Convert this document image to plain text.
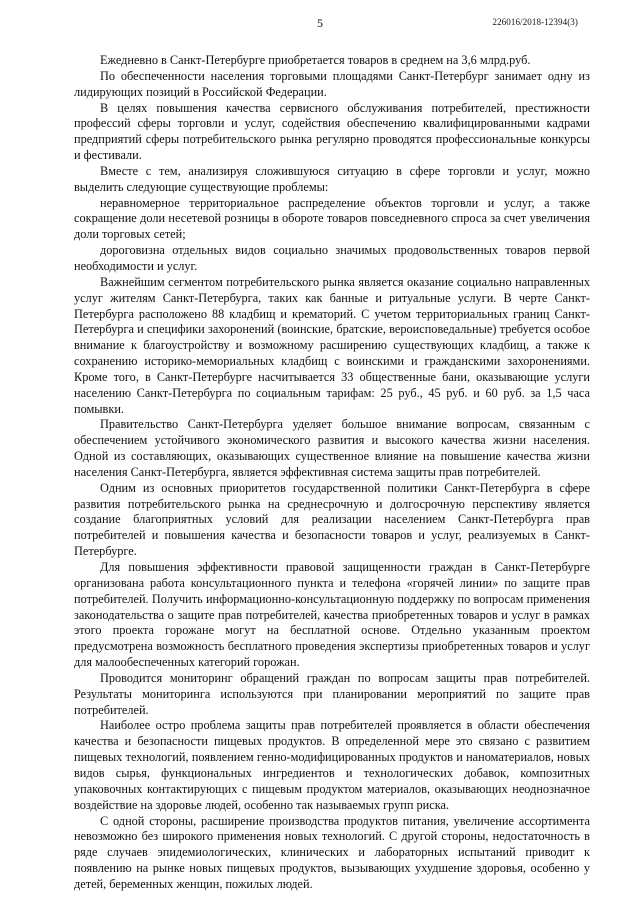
5	226016/2018-12394(3)

Ежедневно в Санкт-Петербурге приобретается товаров в среднем на 3,6 млрд.руб.

По обеспеченности населения торговыми площадями Санкт-Петербург занимает одну из лидирующих позиций в Российской Федерации.

В целях повышения качества сервисного обслуживания потребителей, престижности профессий сферы торговли и услуг, содействия обеспечению квалифицированными кадрами предприятий сферы потребительского рынка регулярно проводятся профессиональные конкурсы и фестивали.

Вместе с тем, анализируя сложившуюся ситуацию в сфере торговли и услуг, можно выделить следующие существующие проблемы:

неравномерное территориальное распределение объектов торговли и услуг, а также сокращение доли несетевой розницы в обороте товаров повседневного спроса за счет увеличения доли торговых сетей;

дороговизна отдельных видов социально значимых продовольственных товаров первой необходимости и услуг.

Важнейшим сегментом потребительского рынка является оказание социально направленных услуг жителям Санкт-Петербурга, таких как банные и ритуальные услуги. В черте Санкт-Петербурга расположено 88 кладбищ и крематорий. С учетом территориальных границ Санкт-Петербурга и специфики захоронений (воинские, братские, вероисповедальные) требуется особое внимание к благоустройству и возможному расширению существующих кладбищ, а также к сохранению историко-мемориальных кладбищ с воинскими и гражданскими захоронениями. Кроме того, в Санкт-Петербурге насчитывается 33 общественные бани, оказывающие услуги населению Санкт-Петербурга по социальным тарифам: 25 руб., 45 руб. и 60 руб. за 1,5 часа помывки.

Правительство Санкт-Петербурга уделяет большое внимание вопросам, связанным с обеспечением устойчивого экономического развития и высокого качества жизни населения. Одной из составляющих, оказывающих существенное влияние на повышение качества жизни населения Санкт-Петербурга, является эффективная система защиты прав потребителей.

Одним из основных приоритетов государственной политики Санкт-Петербурга в сфере развития потребительского рынка на среднесрочную и долгосрочную перспективу является создание благоприятных условий для реализации населением Санкт-Петербурга прав потребителей и повышения качества и безопасности товаров и услуг, реализуемых в Санкт-Петербурге.

Для повышения эффективности правовой защищенности граждан в Санкт-Петербурге организована работа консультационного пункта и телефона «горячей линии» по защите прав потребителей. Получить информационно-консультационную поддержку по вопросам применения законодательства о защите прав потребителей, качества приобретенных товаров и услуг в рамках этого проекта горожане могут на бесплатной основе. Отдельно указанным проектом предусмотрена возможность бесплатного проведения экспертизы приобретенных товаров и услуг для малообеспеченных категорий горожан.

Проводится мониторинг обращений граждан по вопросам защиты прав потребителей. Результаты мониторинга используются при планировании мероприятий по защите прав потребителей.

Наиболее остро проблема защиты прав потребителей проявляется в области обеспечения качества и безопасности пищевых продуктов. В определенной мере это связано с развитием пищевых технологий, появлением генно-модифицированных продуктов и наноматериалов, новых видов сырья, функциональных ингредиентов и технологических добавок, композитных упаковочных контактирующих с пищевым продуктом материалов, оказывающих неоднозначное воздействие на здоровье людей, особенно так называемых групп риска.

С одной стороны, расширение производства продуктов питания, увеличение ассортимента невозможно без широкого применения новых технологий. С другой стороны, недостаточность в ряде случаев эпидемиологических, клинических и лабораторных испытаний приводит к появлению на рынке новых пищевых продуктов, вызывающих ухудшение здоровья, особенно у детей, беременных женщин, пожилых людей.
